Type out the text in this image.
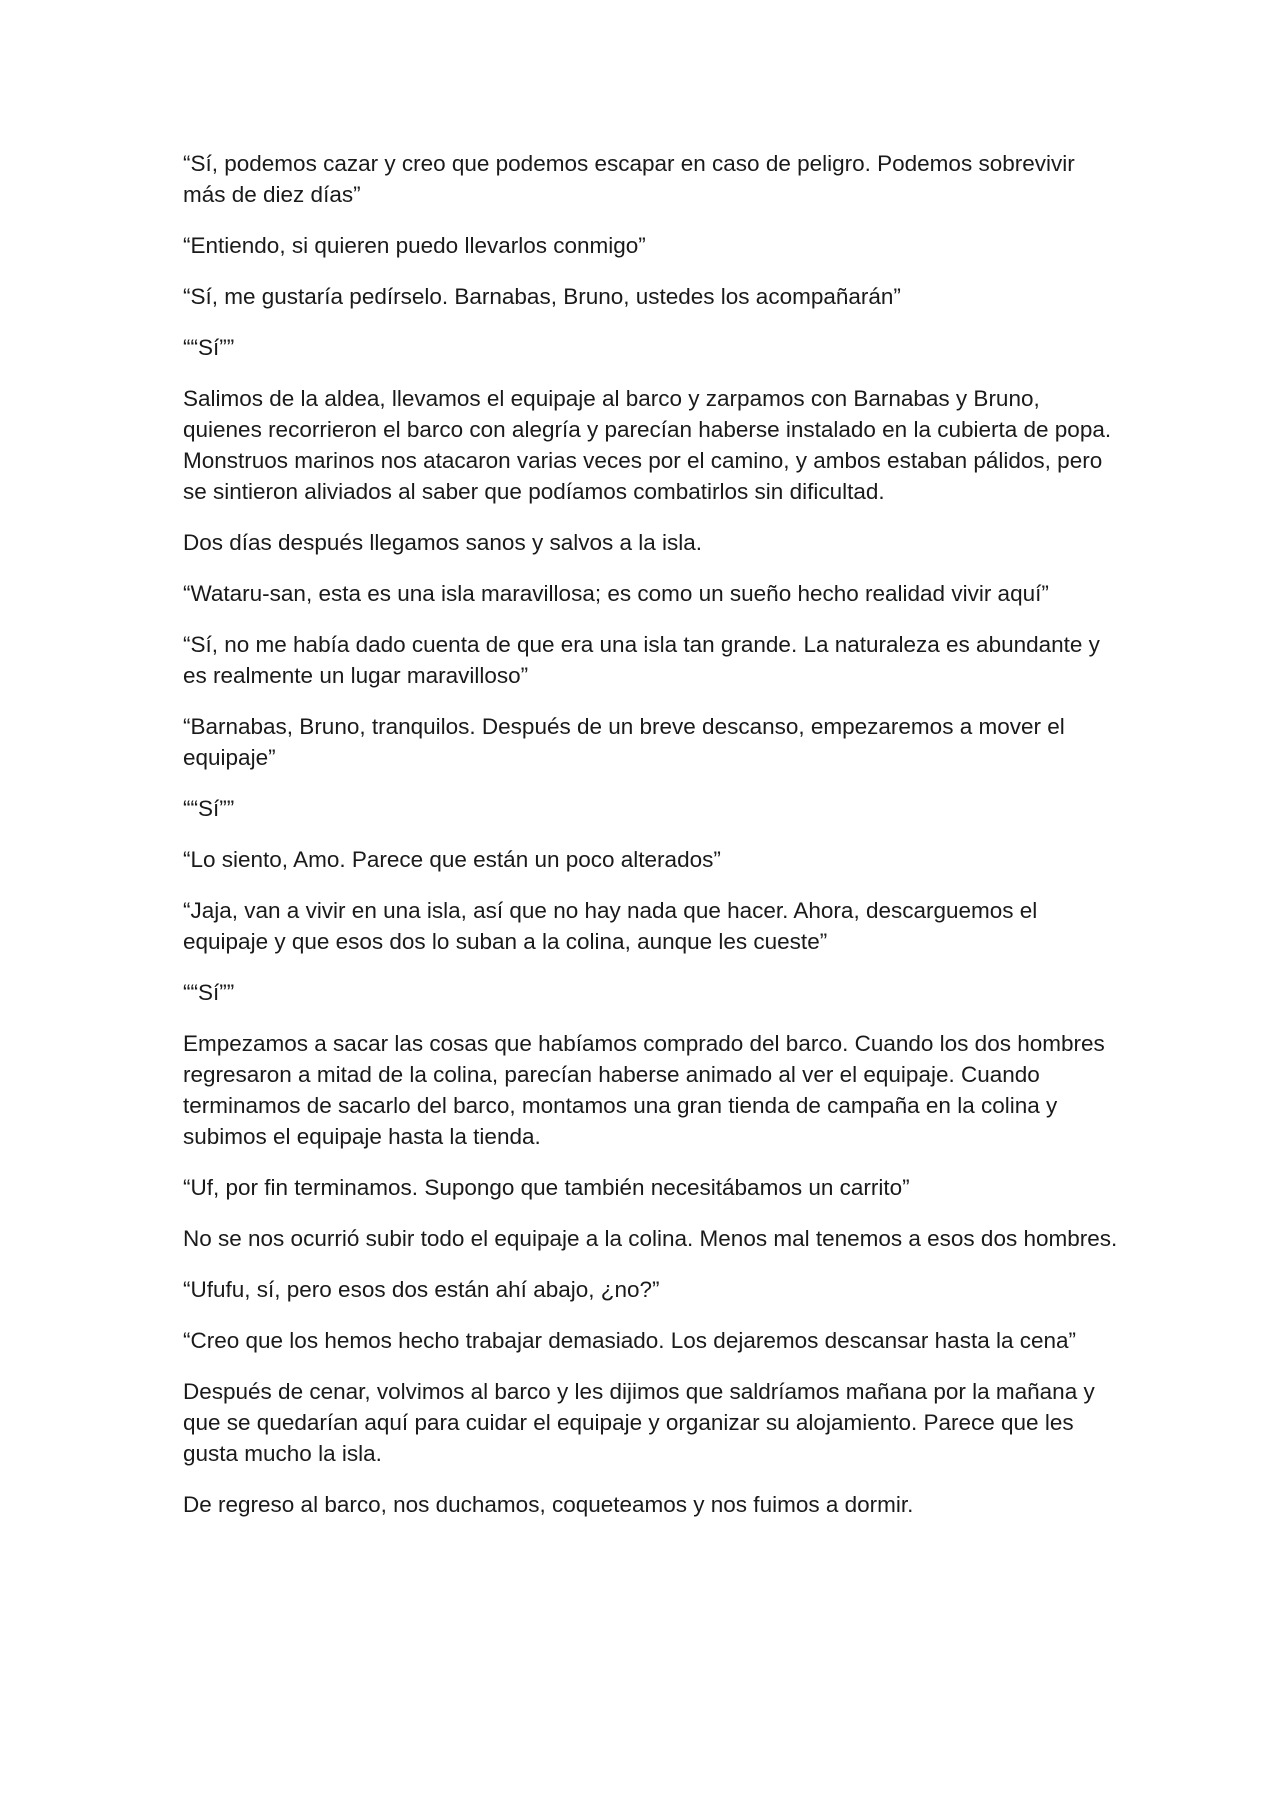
“Sí, podemos cazar y creo que podemos escapar en caso de peligro. Podemos sobrevivir más de diez días”

“Entiendo, si quieren puedo llevarlos conmigo”

“Sí, me gustaría pedírselo. Barnabas, Bruno, ustedes los acompañarán”

““Sí””

Salimos de la aldea, llevamos el equipaje al barco y zarpamos con Barnabas y Bruno, quienes recorrieron el barco con alegría y parecían haberse instalado en la cubierta de popa. Monstruos marinos nos atacaron varias veces por el camino, y ambos estaban pálidos, pero se sintieron aliviados al saber que podíamos combatirlos sin dificultad.

Dos días después llegamos sanos y salvos a la isla.

“Wataru-san, esta es una isla maravillosa; es como un sueño hecho realidad vivir aquí”

“Sí, no me había dado cuenta de que era una isla tan grande. La naturaleza es abundante y es realmente un lugar maravilloso”

“Barnabas, Bruno, tranquilos. Después de un breve descanso, empezaremos a mover el equipaje”

““Sí””

“Lo siento, Amo. Parece que están un poco alterados”

“Jaja, van a vivir en una isla, así que no hay nada que hacer. Ahora, descarguemos el equipaje y que esos dos lo suban a la colina, aunque les cueste”

““Sí””

Empezamos a sacar las cosas que habíamos comprado del barco. Cuando los dos hombres regresaron a mitad de la colina, parecían haberse animado al ver el equipaje. Cuando terminamos de sacarlo del barco, montamos una gran tienda de campaña en la colina y subimos el equipaje hasta la tienda.

“Uf, por fin terminamos. Supongo que también necesitábamos un carrito”

No se nos ocurrió subir todo el equipaje a la colina. Menos mal tenemos a esos dos hombres.

“Ufufu, sí, pero esos dos están ahí abajo, ¿no?”

“Creo que los hemos hecho trabajar demasiado. Los dejaremos descansar hasta la cena”

Después de cenar, volvimos al barco y les dijimos que saldríamos mañana por la mañana y que se quedarían aquí para cuidar el equipaje y organizar su alojamiento. Parece que les gusta mucho la isla.

De regreso al barco, nos duchamos, coqueteamos y nos fuimos a dormir.
